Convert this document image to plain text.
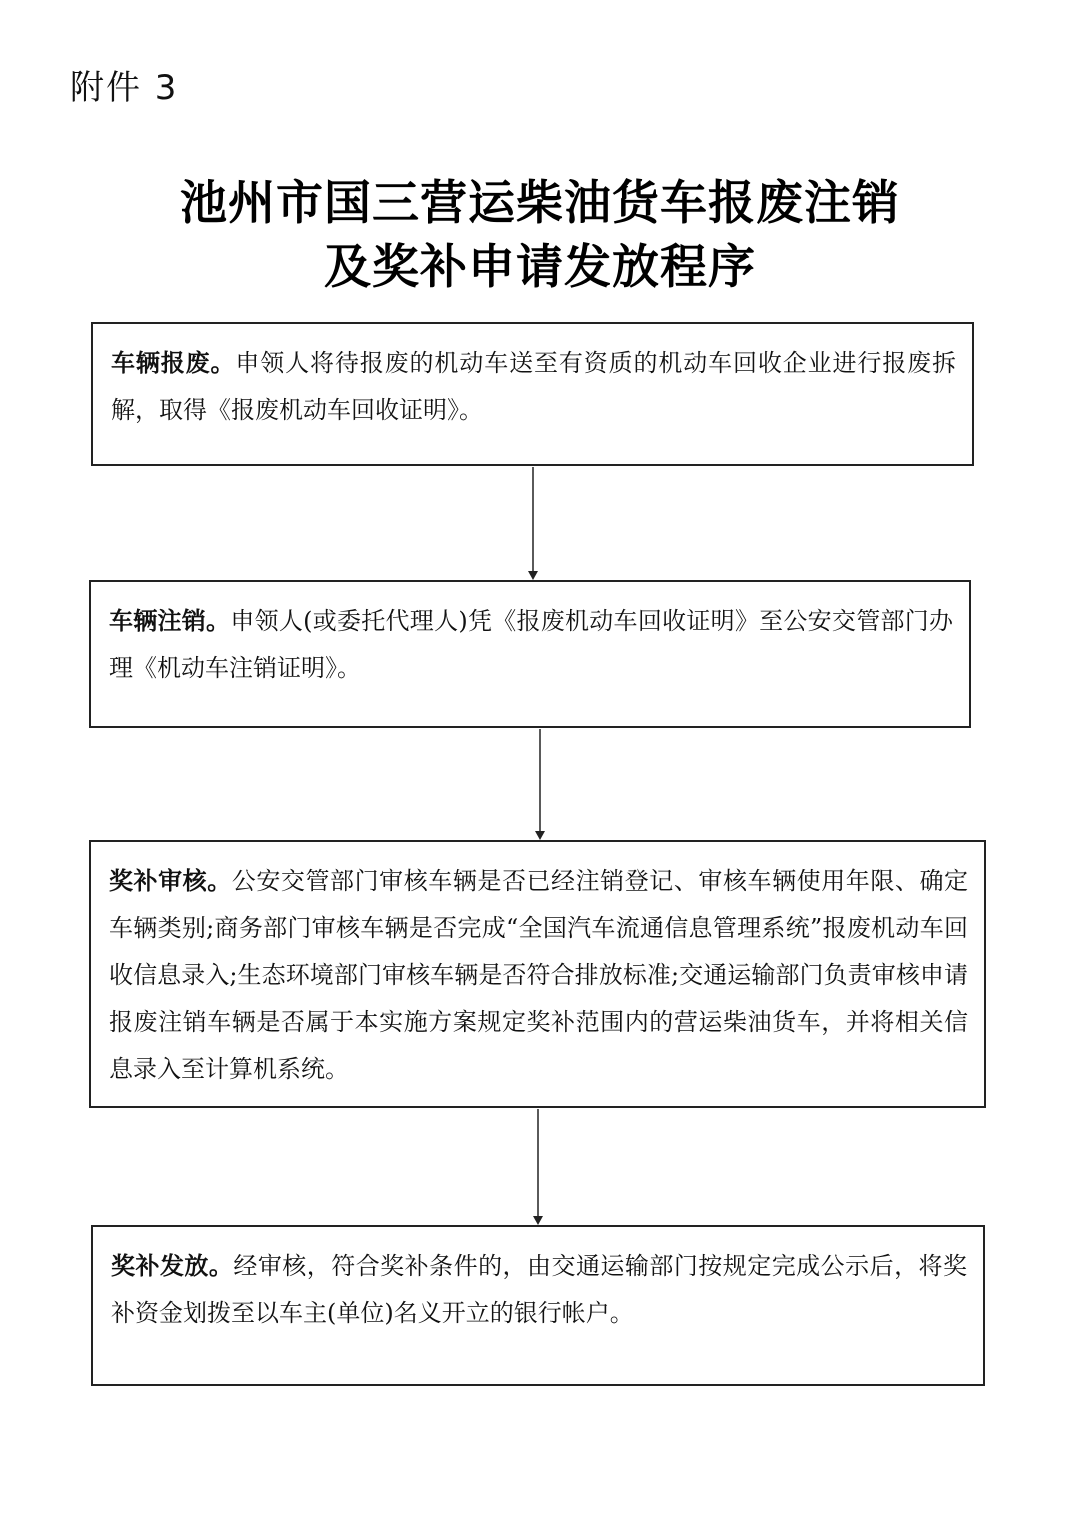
附件 3
池州市国三营运柴油货车报废注销
及奖补申请发放程序

车辆报废。申领人将待报废的机动车送至有资质的机动车回收企业进行报废拆解，取得《报废机动车回收证明》。

车辆注销。申领人(或委托代理人)凭《报废机动车回收证明》至公安交管部门办理《机动车注销证明》。

奖补审核。公安交管部门审核车辆是否已经注销登记、审核车辆使用年限、确定车辆类别;商务部门审核车辆是否完成“全国汽车流通信息管理系统”报废机动车回收信息录入;生态环境部门审核车辆是否符合排放标准;交通运输部门负责审核申请报废注销车辆是否属于本实施方案规定奖补范围内的营运柴油货车，并将相关信息录入至计算机系统。

奖补发放。经审核，符合奖补条件的，由交通运输部门按规定完成公示后，将奖补资金划拨至以车主(单位)名义开立的银行帐户。
